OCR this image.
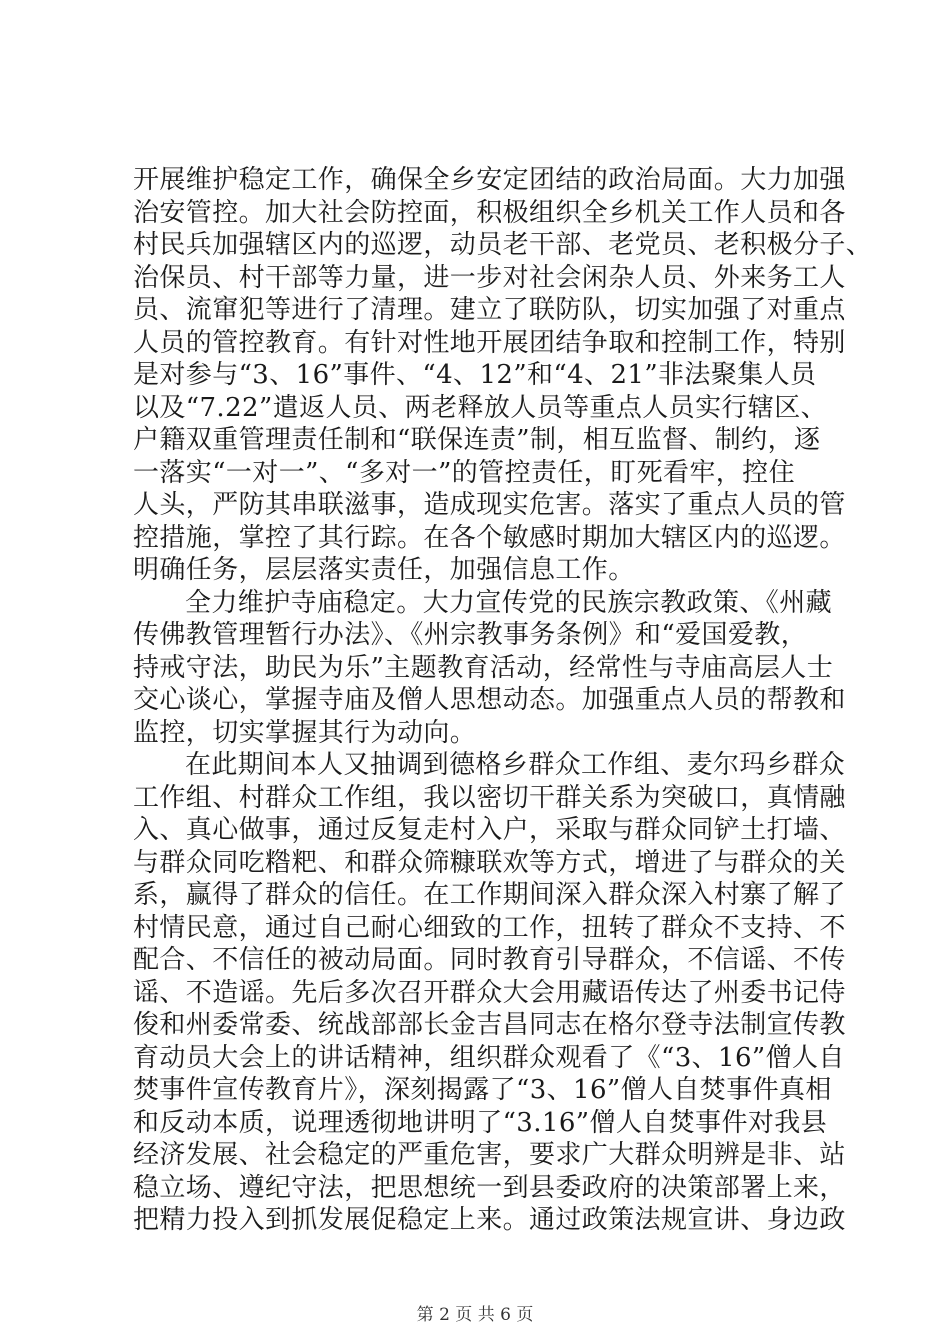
开展维护稳定工作，确保全乡安定团结的政治局面。大力加强
治安管控。加大社会防控面，积极组织全乡机关工作人员和各
村民兵加强辖区内的巡逻，动员老干部、老党员、老积极分子、
治保员、村干部等力量，进一步对社会闲杂人员、外来务工人
员、流窜犯等进行了清理。建立了联防队，切实加强了对重点
人员的管控教育。有针对性地开展团结争取和控制工作，特别
是对参与“3、16”事件、“4、12”和“4、21”非法聚集人员
以及“7.22”遣返人员、两老释放人员等重点人员实行辖区、
户籍双重管理责任制和“联保连责”制，相互监督、制约，逐
一落实“一对一”、“多对一”的管控责任，盯死看牢，控住
人头，严防其串联滋事，造成现实危害。落实了重点人员的管
控措施，掌控了其行踪。在各个敏感时期加大辖区内的巡逻。
明确任务，层层落实责任，加强信息工作。
全力维护寺庙稳定。大力宣传党的民族宗教政策、《州藏
传佛教管理暂行办法》、《州宗教事务条例》和“爱国爱教，
持戒守法，助民为乐”主题教育活动，经常性与寺庙高层人士
交心谈心，掌握寺庙及僧人思想动态。加强重点人员的帮教和
监控，切实掌握其行为动向。
在此期间本人又抽调到德格乡群众工作组、麦尔玛乡群众
工作组、村群众工作组，我以密切干群关系为突破口，真情融
入、真心做事，通过反复走村入户，采取与群众同铲土打墙、
与群众同吃糌粑、和群众筛糠联欢等方式，增进了与群众的关
系，赢得了群众的信任。在工作期间深入群众深入村寨了解了
村情民意，通过自己耐心细致的工作，扭转了群众不支持、不
配合、不信任的被动局面。同时教育引导群众，不信谣、不传
谣、不造谣。先后多次召开群众大会用藏语传达了州委书记侍
俊和州委常委、统战部部长金吉昌同志在格尔登寺法制宣传教
育动员大会上的讲话精神，组织群众观看了《“3、16”僧人自
焚事件宣传教育片》，深刻揭露了“3、16”僧人自焚事件真相
和反动本质，说理透彻地讲明了“3.16”僧人自焚事件对我县
经济发展、社会稳定的严重危害，要求广大群众明辨是非、站
稳立场、遵纪守法，把思想统一到县委政府的决策部署上来，
把精力投入到抓发展促稳定上来。通过政策法规宣讲、身边政
第 2 页 共 6 页
